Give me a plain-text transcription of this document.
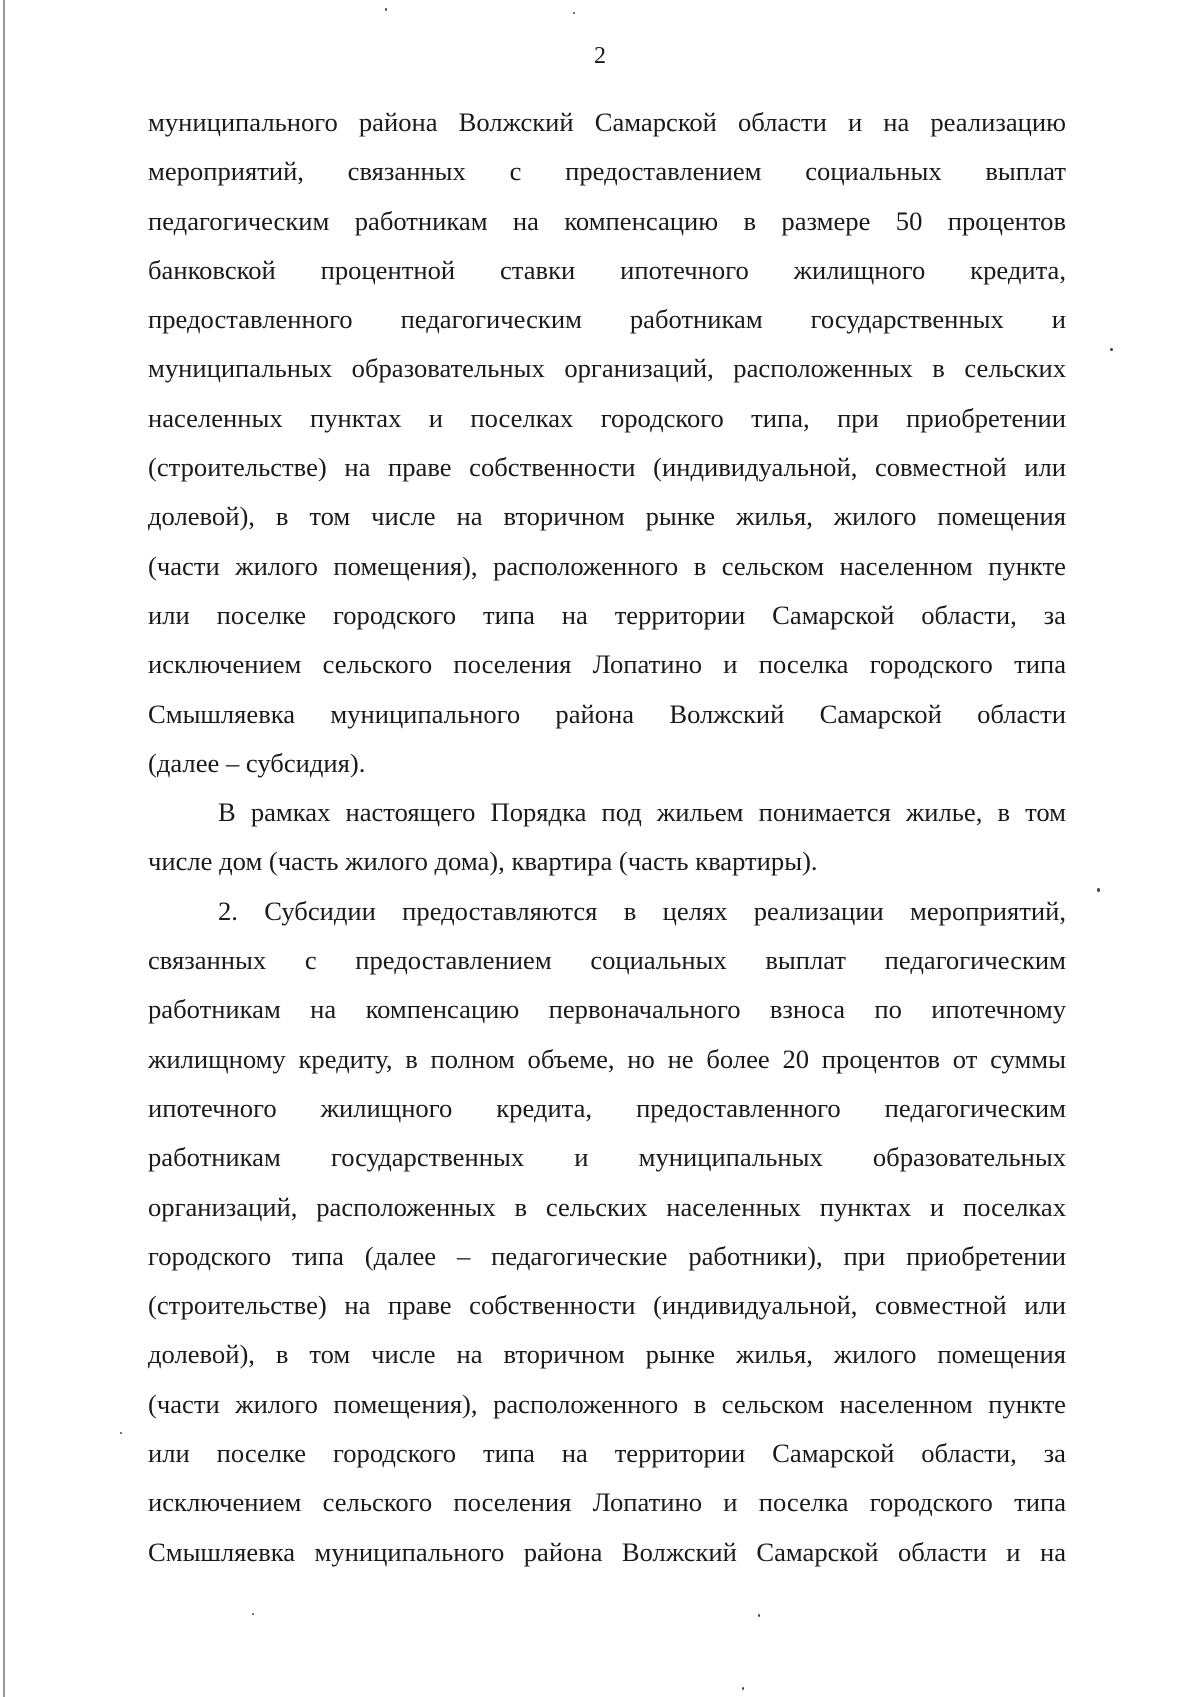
2
муниципального района Волжский Самарской области и на реализацию
мероприятий, связанных с предоставлением социальных выплат
педагогическим работникам на компенсацию в размере 50 процентов
банковской процентной ставки ипотечного жилищного кредита,
предоставленного педагогическим работникам государственных и
муниципальных образовательных организаций, расположенных в сельских
населенных пунктах и поселках городского типа, при приобретении
(строительстве) на праве собственности (индивидуальной, совместной или
долевой), в том числе на вторичном рынке жилья, жилого помещения
(части жилого помещения), расположенного в сельском населенном пункте
или поселке городского типа на территории Самарской области, за
исключением сельского поселения Лопатино и поселка городского типа
Смышляевка муниципального района Волжский Самарской области
(далее – субсидия).
В рамках настоящего Порядка под жильем понимается жилье, в том
числе дом (часть жилого дома), квартира (часть квартиры).
2. Субсидии предоставляются в целях реализации мероприятий,
связанных с предоставлением социальных выплат педагогическим
работникам на компенсацию первоначального взноса по ипотечному
жилищному кредиту, в полном объеме, но не более 20 процентов от суммы
ипотечного жилищного кредита, предоставленного педагогическим
работникам государственных и муниципальных образовательных
организаций, расположенных в сельских населенных пунктах и поселках
городского типа (далее – педагогические работники), при приобретении
(строительстве) на праве собственности (индивидуальной, совместной или
долевой), в том числе на вторичном рынке жилья, жилого помещения
(части жилого помещения), расположенного в сельском населенном пункте
или поселке городского типа на территории Самарской области, за
исключением сельского поселения Лопатино и поселка городского типа
Смышляевка муниципального района Волжский Самарской области и на
